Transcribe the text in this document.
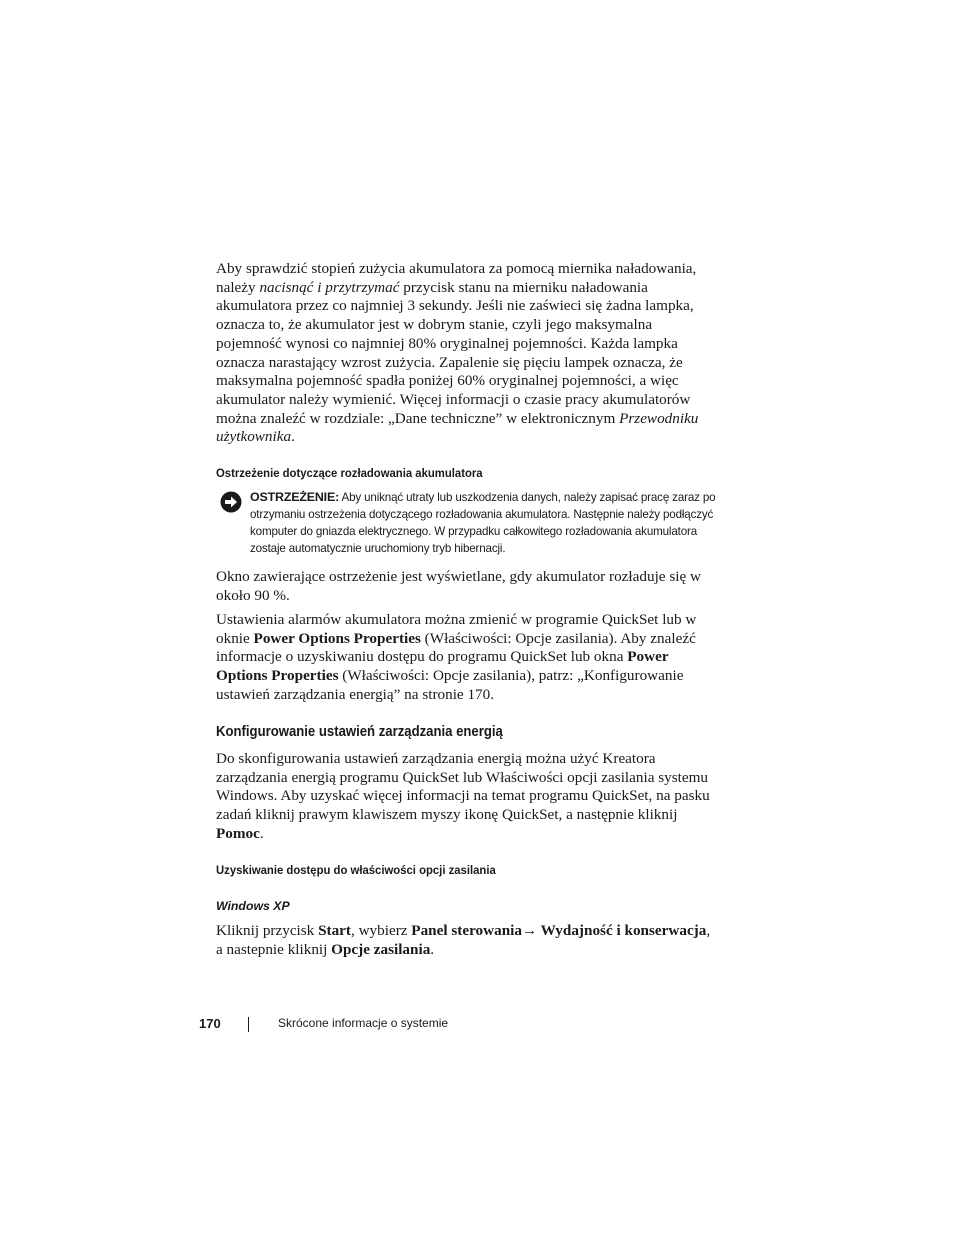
Aby sprawdzić stopień zużycia akumulatora za pomocą miernika naładowania, należy nacisnąć i przytrzymać przycisk stanu na mierniku naładowania akumulatora przez co najmniej 3 sekundy. Jeśli nie zaświeci się żadna lampka, oznacza to, że akumulator jest w dobrym stanie, czyli jego maksymalna pojemność wynosi co najmniej 80% oryginalnej pojemności. Każda lampka oznacza narastający wzrost zużycia. Zapalenie się pięciu lampek oznacza, że maksymalna pojemność spadła poniżej 60% oryginalnej pojemności, a więc akumulator należy wymienić. Więcej informacji o czasie pracy akumulatorów można znaleźć w rozdziale: „Dane techniczne” w elektronicznym Przewodniku użytkownika.

Ostrzeżenie dotyczące rozładowania akumulatora

OSTRZEŻENIE: Aby uniknąć utraty lub uszkodzenia danych, należy zapisać pracę zaraz po otrzymaniu ostrzeżenia dotyczącego rozładowania akumulatora. Następnie należy podłączyć komputer do gniazda elektrycznego. W przypadku całkowitego rozładowania akumulatora zostaje automatycznie uruchomiony tryb hibernacji.

Okno zawierające ostrzeżenie jest wyświetlane, gdy akumulator rozładuje się w około 90 %.

Ustawienia alarmów akumulatora można zmienić w programie QuickSet lub w oknie Power Options Properties (Właściwości: Opcje zasilania). Aby znaleźć informacje o uzyskiwaniu dostępu do programu QuickSet lub okna Power Options Properties (Właściwości: Opcje zasilania), patrz: „Konfigurowanie ustawień zarządzania energią” na stronie 170.

Konfigurowanie ustawień zarządzania energią

Do skonfigurowania ustawień zarządzania energią można użyć Kreatora zarządzania energią programu QuickSet lub Właściwości opcji zasilania systemu Windows. Aby uzyskać więcej informacji na temat programu QuickSet, na pasku zadań kliknij prawym klawiszem myszy ikonę QuickSet, a następnie kliknij Pomoc.

Uzyskiwanie dostępu do właściwości opcji zasilania
Windows XP

Kliknij przycisk Start, wybierz Panel sterowania→ Wydajność i konserwacja, a nastepnie kliknij Opcje zasilania.

170	Skrócone informacje o systemie
